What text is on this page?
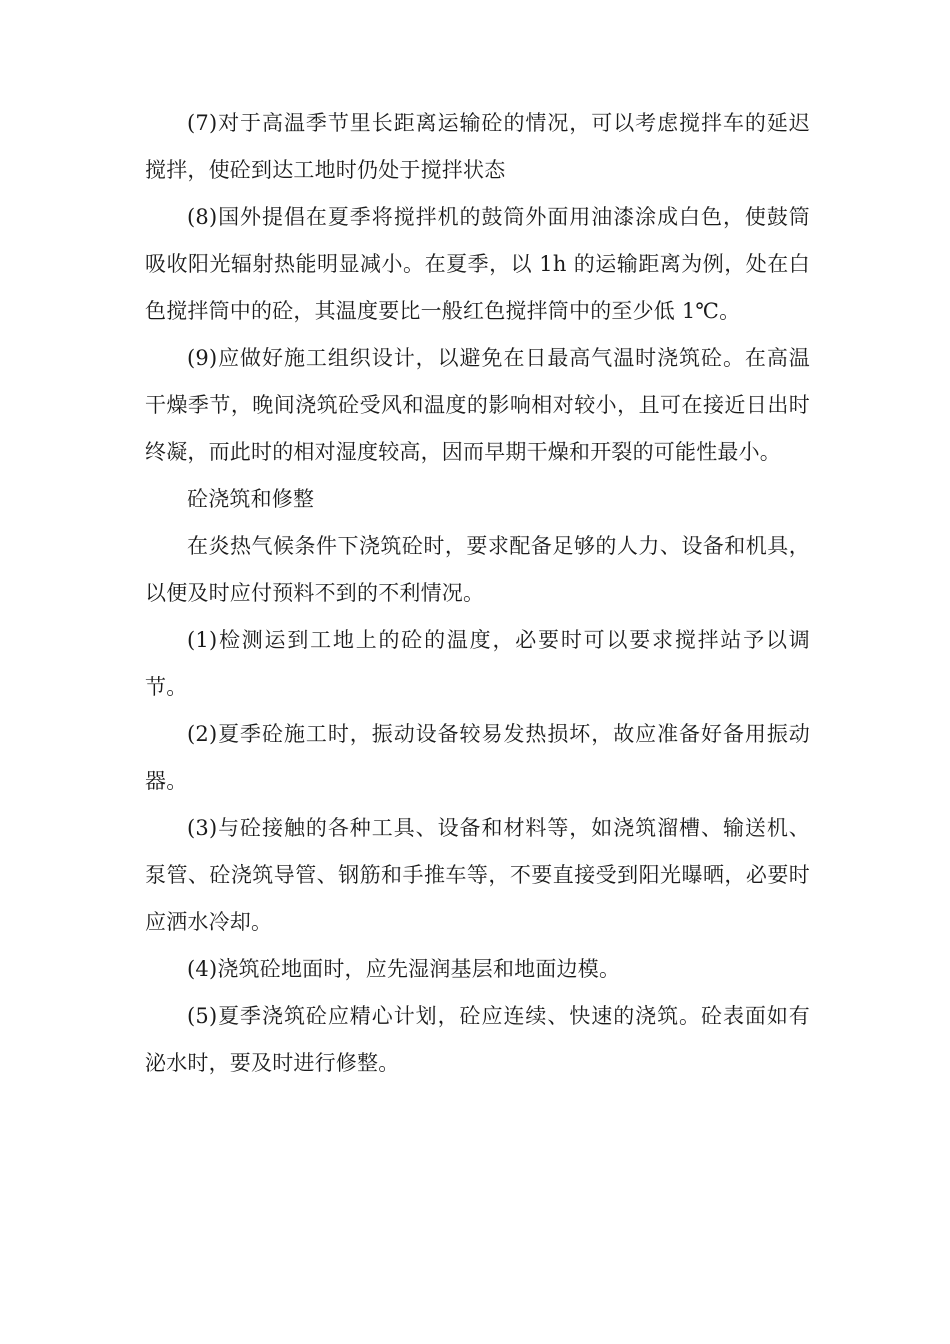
(7)对于高温季节里长距离运输砼的情况，可以考虑搅拌车的延迟搅拌，使砼到达工地时仍处于搅拌状态

(8)国外提倡在夏季将搅拌机的鼓筒外面用油漆涂成白色，使鼓筒吸收阳光辐射热能明显减小。在夏季，以 1h 的运输距离为例，处在白色搅拌筒中的砼，其温度要比一般红色搅拌筒中的至少低 1℃。

(9)应做好施工组织设计，以避免在日最高气温时浇筑砼。在高温干燥季节，晚间浇筑砼受风和温度的影响相对较小，且可在接近日出时终凝，而此时的相对湿度较高，因而早期干燥和开裂的可能性最小。

砼浇筑和修整

在炎热气候条件下浇筑砼时，要求配备足够的人力、设备和机具，以便及时应付预料不到的不利情况。

(1)检测运到工地上的砼的温度，必要时可以要求搅拌站予以调节。

(2)夏季砼施工时，振动设备较易发热损坏，故应准备好备用振动器。

(3)与砼接触的各种工具、设备和材料等，如浇筑溜槽、输送机、泵管、砼浇筑导管、钢筋和手推车等，不要直接受到阳光曝晒，必要时应洒水冷却。

(4)浇筑砼地面时，应先湿润基层和地面边模。

(5)夏季浇筑砼应精心计划，砼应连续、快速的浇筑。砼表面如有泌水时，要及时进行修整。
